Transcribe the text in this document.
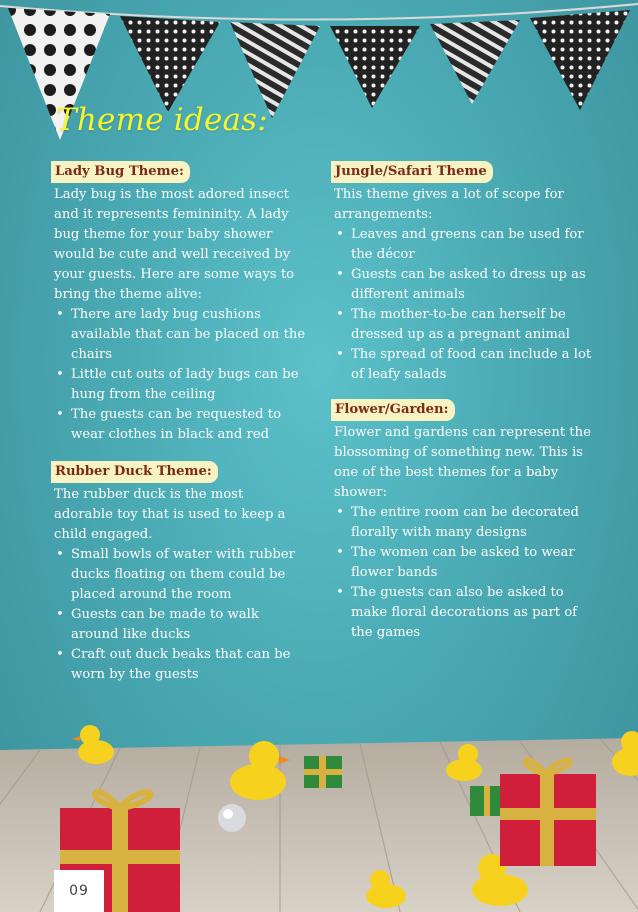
Theme ideas:
Lady Bug Theme:
Lady bug is the most adored insect and it represents femininity. A lady bug theme for your baby shower would be cute and well received by your guests. Here are some ways to bring the theme alive:
• There are lady bug cushions available that can be placed on the chairs
• Little cut outs of lady bugs can be hung from the ceiling
• The guests can be requested to wear clothes in black and red
Rubber Duck Theme:
The rubber duck is the most adorable toy that is used to keep a child engaged.
• Small bowls of water with rubber ducks floating on them could be placed around the room
• Guests can be made to walk around like ducks
• Craft out duck beaks that can be worn by the guests
Jungle/Safari Theme
This theme gives a lot of scope for arrangements:
• Leaves and greens can be used for the décor
• Guests can be asked to dress up as different animals
• The mother-to-be can herself be dressed up as a pregnant animal
• The spread of food can include a lot of leafy salads
Flower/Garden:
Flower and gardens can represent the blossoming of something new. This is one of the best themes for a baby shower:
• The entire room can be decorated florally with many designs
• The women can be asked to wear flower bands
• The guests can also be asked to make floral decorations as part of the games
09
